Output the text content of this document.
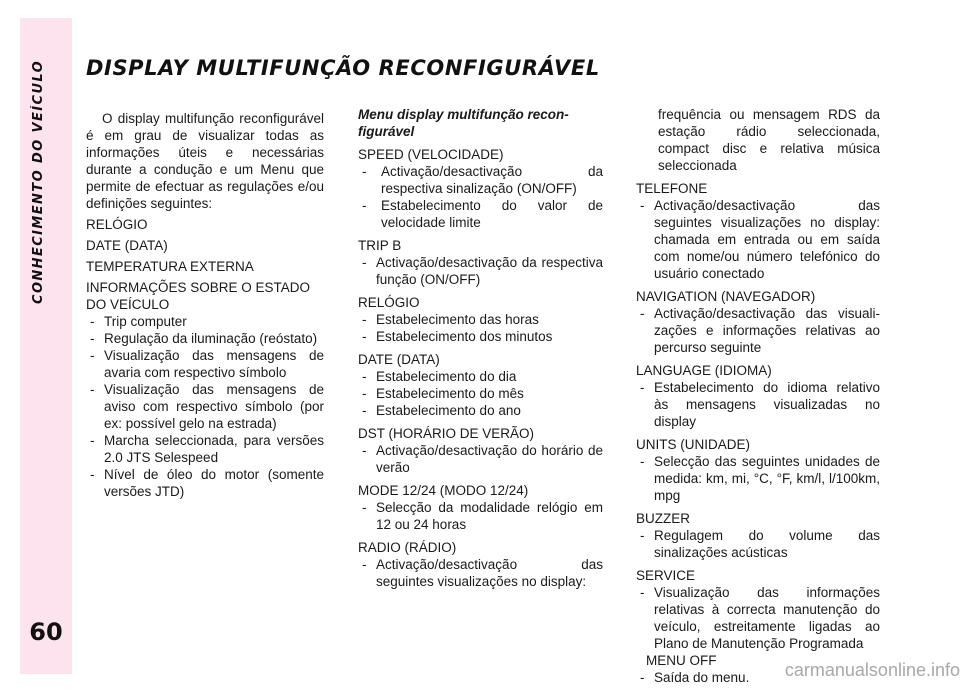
CONHECIMENTO DO VEÍCULO
60
DISPLAY MULTIFUNÇÃO RECONFIGURÁVEL
O display multifunção reconfigurável é em grau de visualizar todas as informações úteis e necessárias durante a condução e um Menu que permite de efectuar as regulações e/ou definições seguintes:
RELÓGIO
DATE (DATA)
TEMPERATURA EXTERNA
INFORMAÇÕES SOBRE O ESTADO
DO VEÍCULO
- Trip computer
- Regulação da iluminação (reóstato)
- Visualização das mensagens de avaria com respectivo símbolo
- Visualização das mensagens de aviso com respectivo símbolo (por ex: possível gelo na estrada)
- Marcha seleccionada, para versões 2.0 JTS Selespeed
- Nível de óleo do motor (somente versões JTD)
Menu display multifunção reconfigurável
SPEED (VELOCIDADE)
- Activação/desactivação da respectiva sinalização (ON/OFF)
- Estabelecimento do valor de velocidade limite
TRIP B
- Activação/desactivação da respectiva função (ON/OFF)
RELÓGIO
- Estabelecimento das horas
- Estabelecimento dos minutos
DATE (DATA)
- Estabelecimento do dia
- Estabelecimento do mês
- Estabelecimento do ano
DST (HORÁRIO DE VERÃO)
- Activação/desactivação do horário de verão
MODE 12/24 (MODO 12/24)
- Selecção da modalidade relógio em 12 ou 24 horas
RADIO (RÁDIO)
- Activação/desactivação das seguintes visualizações no display:
frequência ou mensagem RDS da estação rádio seleccionada, compact disc e relativa música seleccionada
TELEFONE
- Activação/desactivação das seguintes visualizações no display: chamada em entrada ou em saída com nome/ou número telefónico do usuário conectado
NAVIGATION (NAVEGADOR)
- Activação/desactivação das visualizações e informações relativas ao percurso seguinte
LANGUAGE (IDIOMA)
- Estabelecimento do idioma relativo às mensagens visualizadas no display
UNITS (UNIDADE)
- Selecção das seguintes unidades de medida: km, mi, °C, °F, km/l, l/100km, mpg
BUZZER
- Regulagem do volume das sinalizações acústicas
SERVICE
- Visualização das informações relativas à correcta manutenção do veículo, estreitamente ligadas ao Plano de Manutenção Programada
MENU OFF
- Saída do menu.	carmanualsonline.info
